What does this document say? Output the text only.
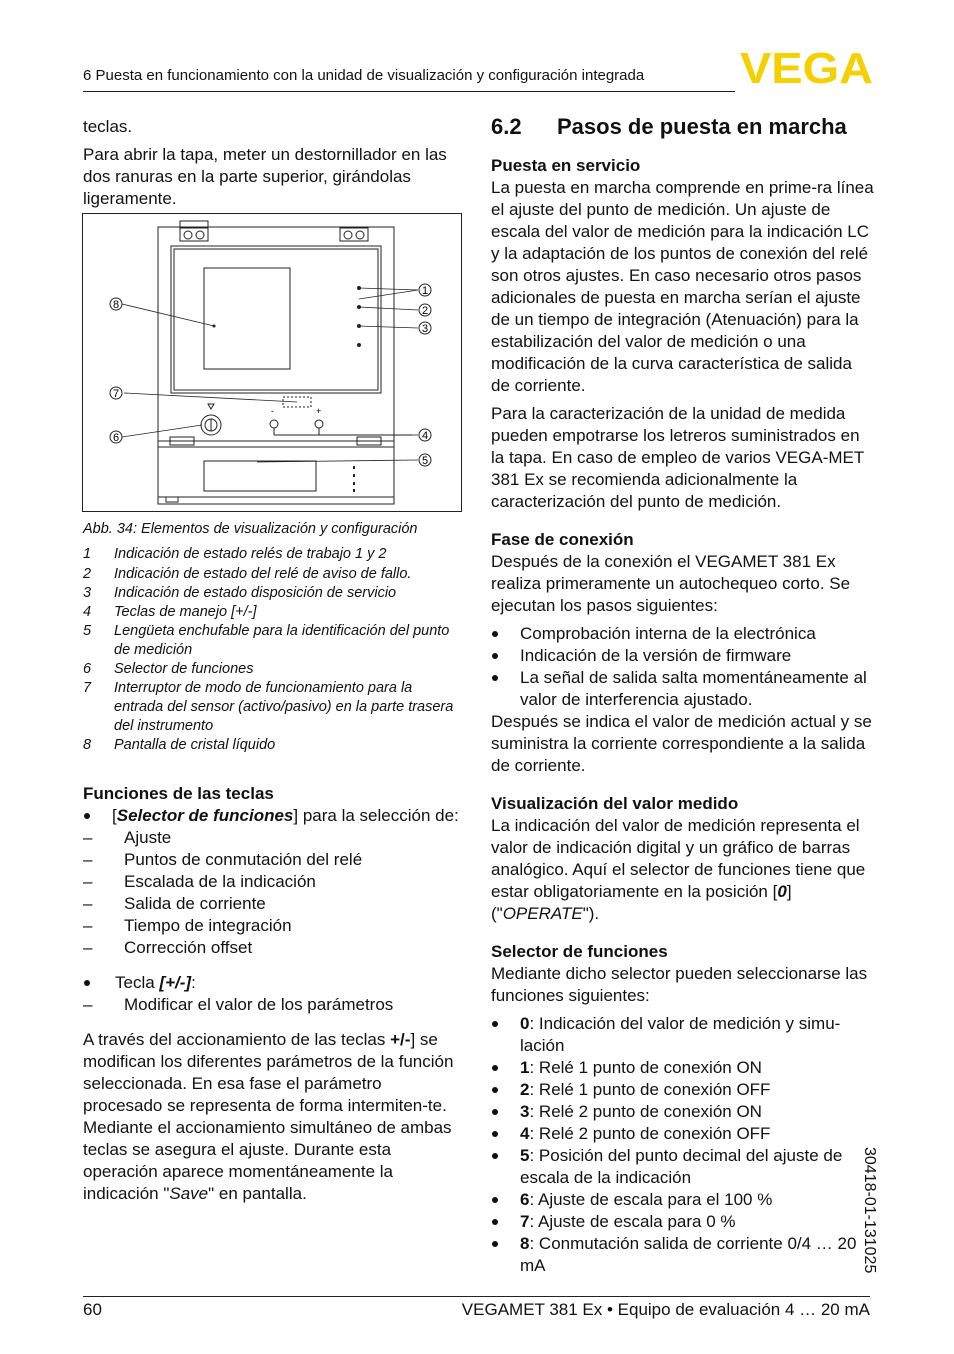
6 Puesta en funcionamiento con la unidad de visualización y configuración integrada VEGA

teclas.

Para abrir la tapa, meter un destornillador en las dos ranuras en la parte superior, girándolas ligeramente.

-	+
1
2
3
4
5
6
7
8
Abb. 34: Elementos de visualización y configuración
1	Indicación de estado relés de trabajo 1 y 2
2	Indicación de estado del relé de aviso de fallo.
3	Indicación de estado disposición de servicio
4	Teclas de manejo [+/-]
5	Lengüeta enchufable para la identificación del punto de medición
6	Selector de funciones
7	Interruptor de modo de funcionamiento para la entrada del sensor (activo/pasivo) en la parte trasera del instrumento
8	Pantalla de cristal líquido

Funciones de las teclas

[Selector de funciones] para la selección de:
– Ajuste
– Puntos de conmutación del relé
– Escalada de la indicación
– Salida de corriente
– Tiempo de integración
– Corrección offset
Tecla [+/-]:
– Modificar el valor de los parámetros

A través del accionamiento de las teclas +/-] se modifican los diferentes parámetros de la función seleccionada. En esa fase el parámetro procesado se representa de forma intermiten-te. Mediante el accionamiento simultáneo de ambas teclas se asegura el ajuste. Durante esta operación aparece momentáneamente la indicación "Save" en pantalla.

6.2 Pasos de puesta en marcha

Puesta en servicio

La puesta en marcha comprende en prime-ra línea el ajuste del punto de medición. Un ajuste de escala del valor de medición para la indicación LC y la adaptación de los puntos de conexión del relé son otros ajustes. En caso necesario otros pasos adicionales de puesta en marcha serían el ajuste de un tiempo de integración (Atenuación) para la estabilización del valor de medición o una modificación de la curva característica de salida de corriente.

Para la caracterización de la unidad de medida pueden empotrarse los letreros suministrados en la tapa. En caso de empleo de varios VEGA-MET 381 Ex se recomienda adicionalmente la caracterización del punto de medición.

Fase de conexión

Después de la conexión el VEGAMET 381 Ex realiza primeramente un autochequeo corto. Se ejecutan los pasos siguientes:

Comprobación interna de la electrónica
Indicación de la versión de firmware
La señal de salida salta momentáneamente al valor de interferencia ajustado.

Después se indica el valor de medición actual y se suministra la corriente correspondiente a la salida de corriente.

Visualización del valor medido

La indicación del valor de medición representa el valor de indicación digital y un gráfico de barras analógico. Aquí el selector de funciones tiene que estar obligatoriamente en la posición [0] ("OPERATE").

Selector de funciones

Mediante dicho selector pueden seleccionarse las funciones siguientes:

0: Indicación del valor de medición y simu-lación
1: Relé 1 punto de conexión ON
2: Relé 1 punto de conexión OFF
3: Relé 2 punto de conexión ON
4: Relé 2 punto de conexión OFF
5: Posición del punto decimal del ajuste de escala de la indicación
6: Ajuste de escala para el 100 %
7: Ajuste de escala para 0 %
8: Conmutación salida de corriente 0/4 … 20 mA
60	VEGAMET 381 Ex • Equipo de evaluación 4 … 20 mA
30418-01-131025
